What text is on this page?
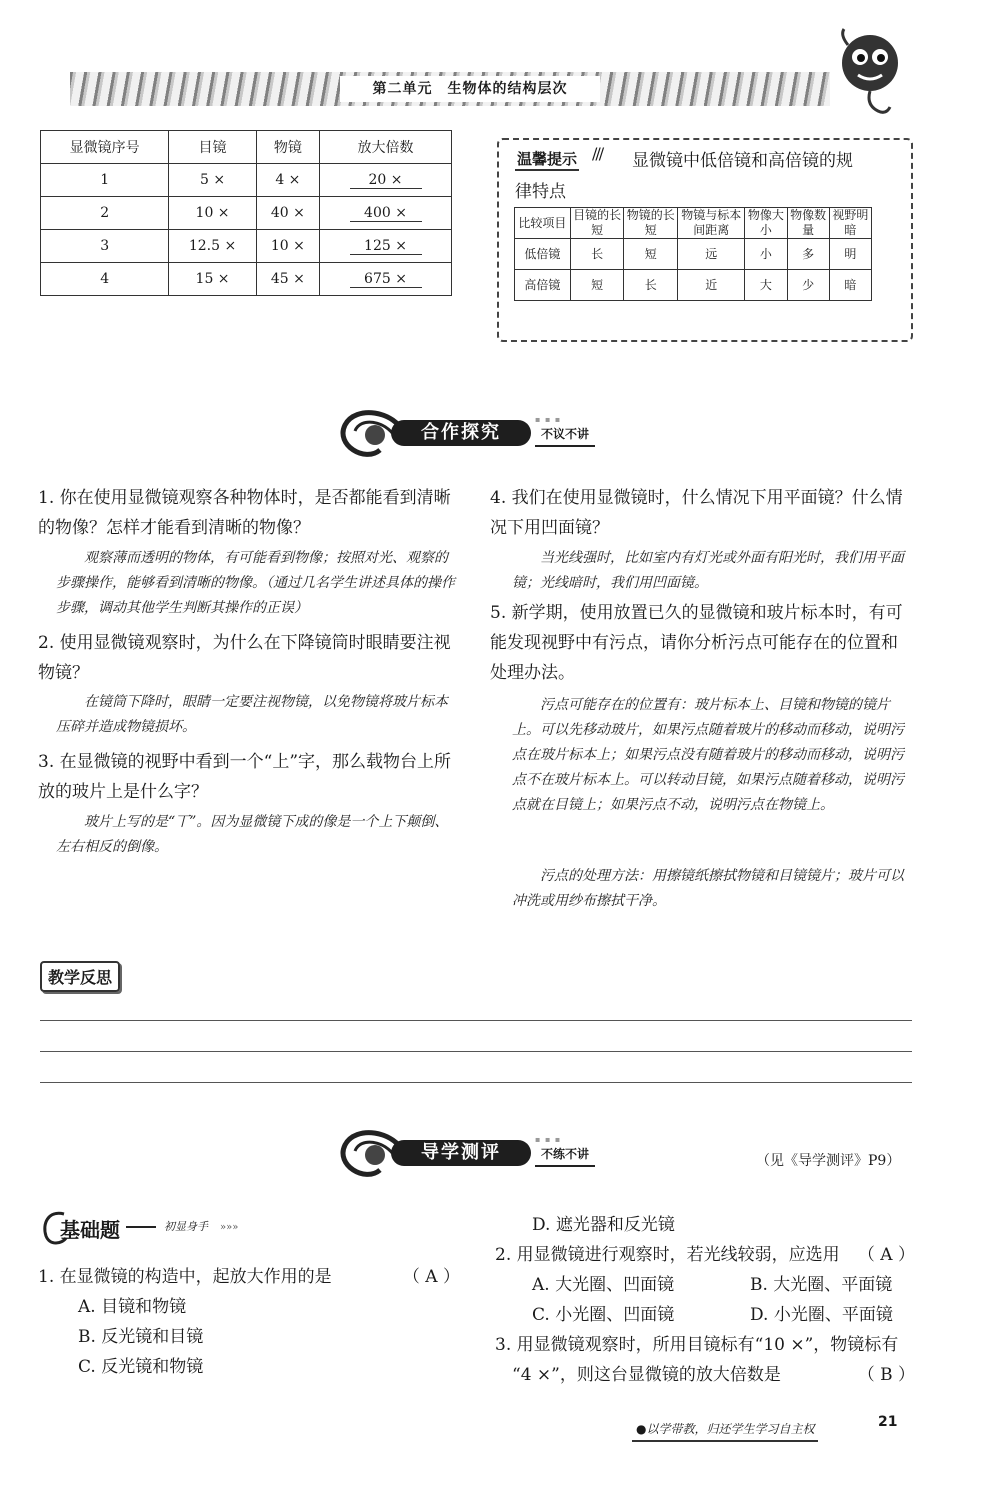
第二单元　生物体的结构层次
显微镜序号	目镜	物镜	放大倍数
1	5 ×	4 ×	20 ×
2	10 ×	40 ×	400 ×
3	12.5 ×	10 ×	125 ×
4	15 ×	45 ×	675 ×
温馨提示 /// 显微镜中低倍镜和高倍镜的规
律特点
比较项目	目镜的长短	物镜的长短	物镜与标本间距离	物像大小	物像数量	视野明暗
低倍镜	长	短	远	小	多	明
高倍镜	短	长	近	大	少	暗
合作探究
▪ ▪ ▪
不议不讲
1. 你在使用显微镜观察各种物体时，是否都能看到清晰的物像？怎样才能看到清晰的物像？
观察薄而透明的物体，有可能看到物像；按照对光、观察的步骤操作，能够看到清晰的物像。（通过几名学生讲述具体的操作步骤，调动其他学生判断其操作的正误）
2. 使用显微镜观察时，为什么在下降镜筒时眼睛要注视物镜？
在镜筒下降时，眼睛一定要注视物镜，以免物镜将玻片标本压碎并造成物镜损坏。
3. 在显微镜的视野中看到一个“上”字，那么载物台上所放的玻片上是什么字？
玻片上写的是“丅”。因为显微镜下成的像是一个上下颠倒、左右相反的倒像。
4. 我们在使用显微镜时，什么情况下用平面镜？什么情况下用凹面镜？
当光线强时，比如室内有灯光或外面有阳光时，我们用平面镜；光线暗时，我们用凹面镜。
5. 新学期，使用放置已久的显微镜和玻片标本时，有可能发现视野中有污点，请你分析污点可能存在的位置和处理办法。
污点可能存在的位置有：玻片标本上、目镜和物镜的镜片上。可以先移动玻片，如果污点随着玻片的移动而移动，说明污点在玻片标本上；如果污点没有随着玻片的移动而移动，说明污点不在玻片标本上。可以转动目镜，如果污点随着移动，说明污点就在目镜上；如果污点不动，说明污点在物镜上。
污点的处理方法：用擦镜纸擦拭物镜和目镜镜片；玻片可以冲洗或用纱布擦拭干净。
教学反思
导学测评
▪ ▪ ▪
不练不讲	（见《导学测评》P9）
基础题	初显身手 »»»
1. 在显微镜的构造中，起放大作用的是	（ A ）
A. 目镜和物镜
B. 反光镜和目镜
C. 反光镜和物镜
D. 遮光器和反光镜
2. 用显微镜进行观察时，若光线较弱，应选用 （ A ）
A. 大光圈、凹面镜	B. 大光圈、平面镜
C. 小光圈、凹面镜	D. 小光圈、平面镜
3. 用显微镜观察时，所用目镜标有“10 ×”，物镜标有
“4 ×”，则这台显微镜的放大倍数是	（ B ）
●以学带教，归还学生学习自主权	21
